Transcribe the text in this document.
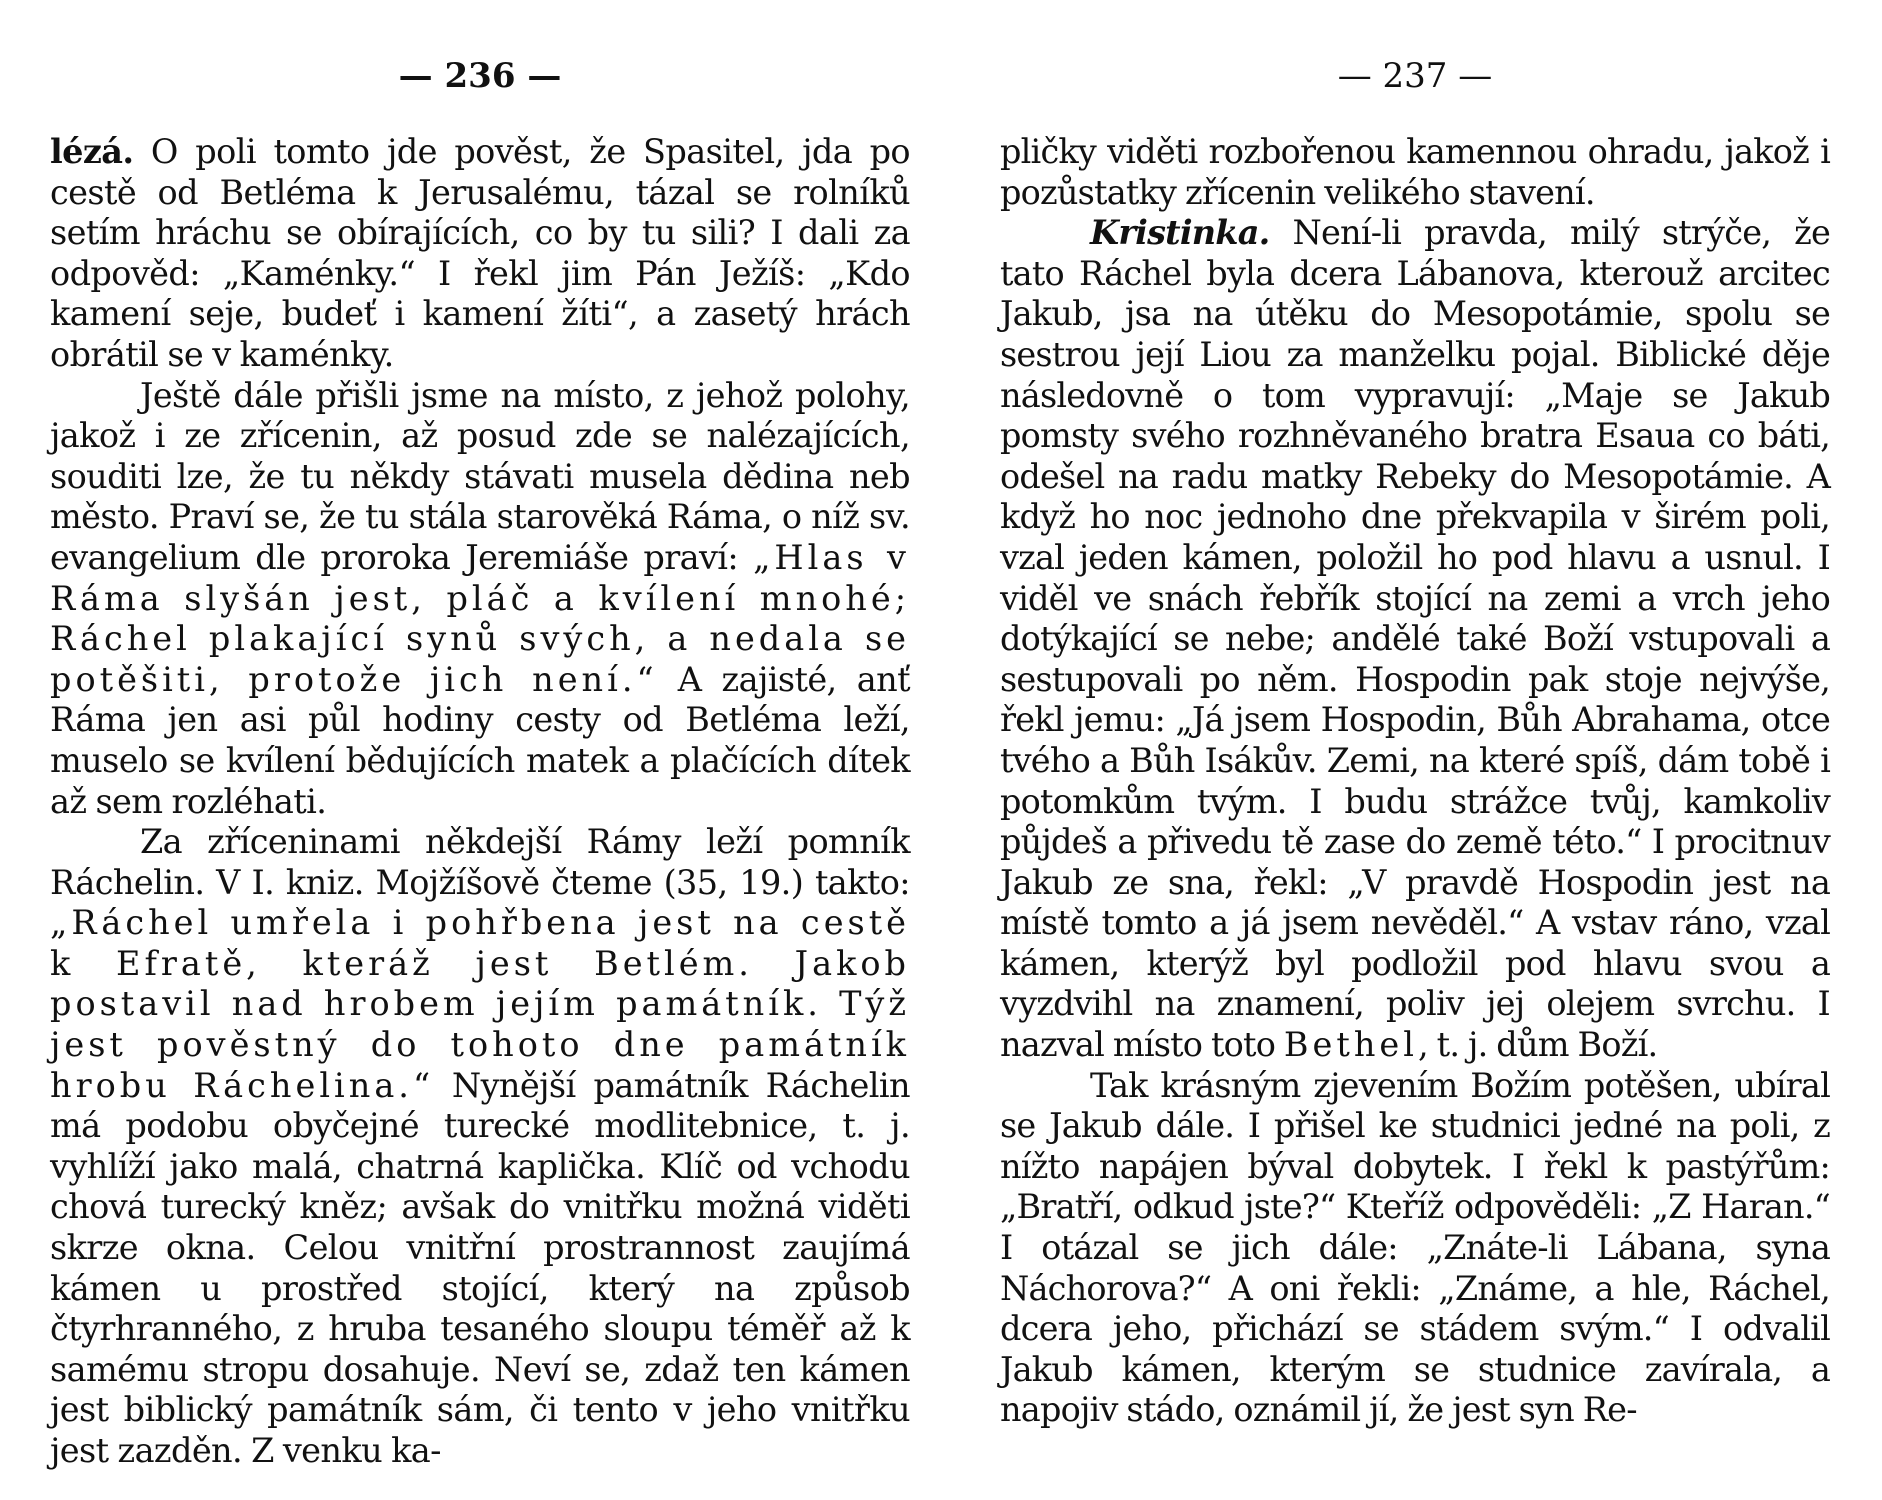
— 236 —

lézá. O poli tomto jde pověst, že Spasitel, jda po cestě od Betléma k Jerusalému, tázal se rolníků setím hráchu se obírajících, co by tu sili? I dali za odpověd: „Kaménky.“ I řekl jim Pán Ježíš: „Kdo kamení seje, budeť i kamení žíti“, a zasetý hrách obrátil se v kaménky.

Ještě dále přišli jsme na místo, z jehož polohy, jakož i ze zřícenin, až posud zde se nalézajících, souditi lze, že tu někdy stávati musela dědina neb město. Praví se, že tu stála starověká Ráma, o níž sv. evangelium dle proroka Jeremiáše praví: „Hlas v Ráma slyšán jest, pláč a kvílení mnohé; Ráchel plakající synů svých, a nedala se potěšiti, protože jich není.“ A zajisté, anť Ráma jen asi půl hodiny cesty od Betléma leží, muselo se kvílení bědujících matek a plačících dítek až sem rozléhati.

Za zříceninami někdejší Rámy leží pomník Ráchelin. V I. kniz. Mojžíšově čteme (35, 19.) takto: „Ráchel umřela i pohřbena jest na cestě k Efratě, kteráž jest Betlém. Jakob postavil nad hrobem jejím památník. Týž jest pověstný do tohoto dne památník hrobu Ráchelina.“ Nynější památník Ráchelin má podobu obyčejné turecké modlitebnice, t. j. vyhlíží jako malá, chatrná kaplička. Klíč od vchodu chová turecký kněz; avšak do vnitřku možná viděti skrze okna. Celou vnitřní prostrannost zaujímá kámen u prostřed stojící, který na způsob čtyrhranného, z hruba tesaného sloupu téměř až k samému stropu dosahuje. Neví se, zdaž ten kámen jest biblický památník sám, či tento v jeho vnitřku jest zazděn. Z venku ka-

— 237 —

pličky viděti rozbořenou kamennou ohradu, jakož i pozůstatky zřícenin velikého stavení.

Kristinka. Není-li pravda, milý strýče, že tato Ráchel byla dcera Lábanova, kterouž arcitec Jakub, jsa na útěku do Mesopotámie, spolu se sestrou její Liou za manželku pojal. Biblické děje následovně o tom vypravují: „Maje se Jakub pomsty svého rozhněvaného bratra Esaua co báti, odešel na radu matky Rebeky do Mesopotámie. A když ho noc jednoho dne překvapila v širém poli, vzal jeden kámen, položil ho pod hlavu a usnul. I viděl ve snách řebřík stojící na zemi a vrch jeho dotýkající se nebe; andělé také Boží vstupovali a sestupovali po něm. Hospodin pak stoje nejvýše, řekl jemu: „Já jsem Hospodin, Bůh Abrahama, otce tvého a Bůh Isákův. Zemi, na které spíš, dám tobě i potomkům tvým. I budu strážce tvůj, kamkoliv půjdeš a přivedu tě zase do země této.“ I procitnuv Jakub ze sna, řekl: „V pravdě Hospodin jest na místě tomto a já jsem nevěděl.“ A vstav ráno, vzal kámen, kterýž byl podložil pod hlavu svou a vyzdvihl na znamení, poliv jej olejem svrchu. I nazval místo toto Bethel, t. j. dům Boží.

Tak krásným zjevením Božím potěšen, ubíral se Jakub dále. I přišel ke studnici jedné na poli, z nížto napájen býval dobytek. I řekl k pastýřům: „Bratří, odkud jste?“ Kteříž odpověděli: „Z Haran.“ I otázal se jich dále: „Znáte-li Lábana, syna Náchorova?“ A oni řekli: „Známe, a hle, Ráchel, dcera jeho, přichází se stádem svým.“ I odvalil Jakub kámen, kterým se studnice zavírala, a napojiv stádo, oznámil jí, že jest syn Re-
